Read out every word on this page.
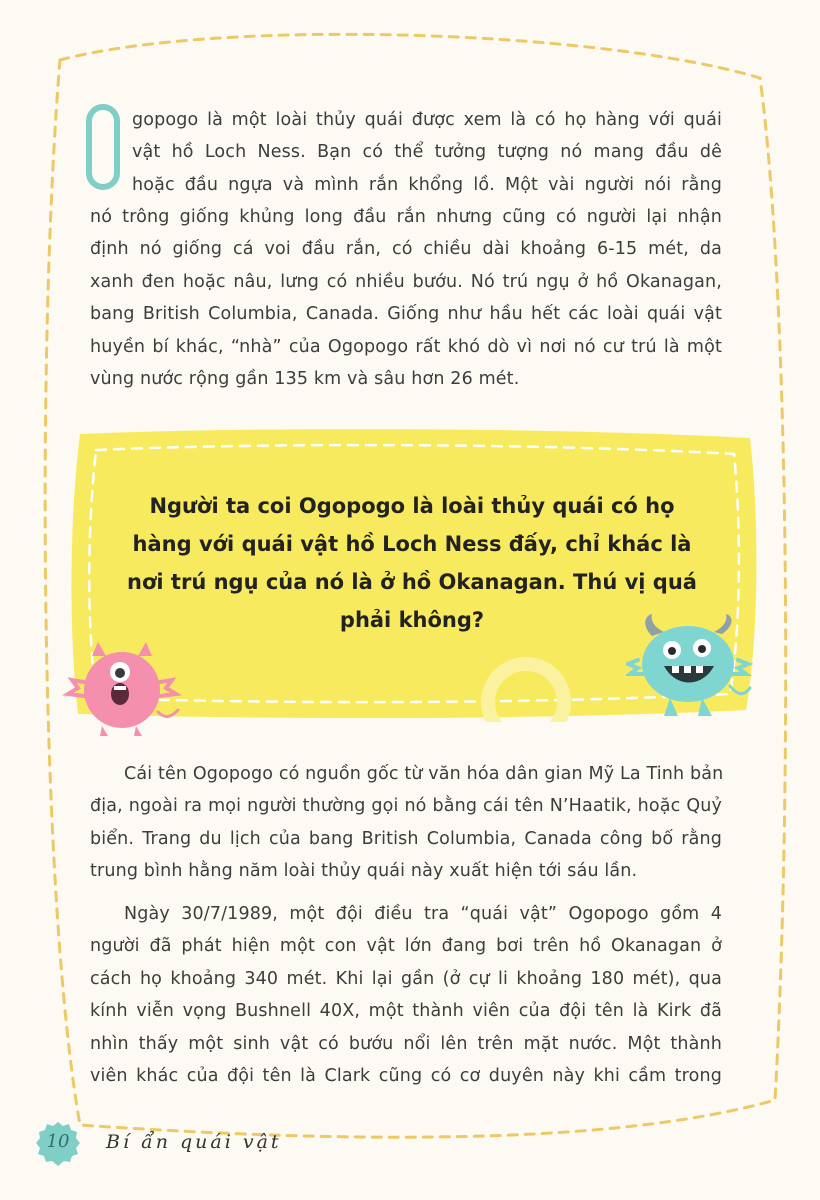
gopogo là một loài thủy quái được xem là có họ hàng với quái
vật hồ Loch Ness. Bạn có thể tưởng tượng nó mang đầu dê
hoặc đầu ngựa và mình rắn khổng lồ. Một vài người nói rằng

nó trông giống khủng long đầu rắn nhưng cũng có người lại nhận
định nó giống cá voi đầu rắn, có chiều dài khoảng 6-15 mét, da
xanh đen hoặc nâu, lưng có nhiều bướu. Nó trú ngụ ở hồ Okanagan,
bang British Columbia, Canada. Giống như hầu hết các loài quái vật
huyền bí khác, “nhà” của Ogopogo rất khó dò vì nơi nó cư trú là một
vùng nước rộng gần 135 km và sâu hơn 26 mét.

Người ta coi Ogopogo là loài thủy quái có họ
hàng với quái vật hồ Loch Ness đấy, chỉ khác là
nơi trú ngụ của nó là ở hồ Okanagan. Thú vị quá
phải không?

Cái tên Ogopogo có nguồn gốc từ văn hóa dân gian Mỹ La Tinh bản
địa, ngoài ra mọi người thường gọi nó bằng cái tên N’Haatik, hoặc Quỷ
biển. Trang du lịch của bang British Columbia, Canada công bố rằng
trung bình hằng năm loài thủy quái này xuất hiện tới sáu lần.

Ngày 30/7/1989, một đội điều tra “quái vật” Ogopogo gồm 4
người đã phát hiện một con vật lớn đang bơi trên hồ Okanagan ở
cách họ khoảng 340 mét. Khi lại gần (ở cự li khoảng 180 mét), qua
kính viễn vọng Bushnell 40X, một thành viên của đội tên là Kirk đã
nhìn thấy một sinh vật có bướu nổi lên trên mặt nước. Một thành
viên khác của đội tên là Clark cũng có cơ duyên này khi cầm trong

10	Bí ẩn quái vật
